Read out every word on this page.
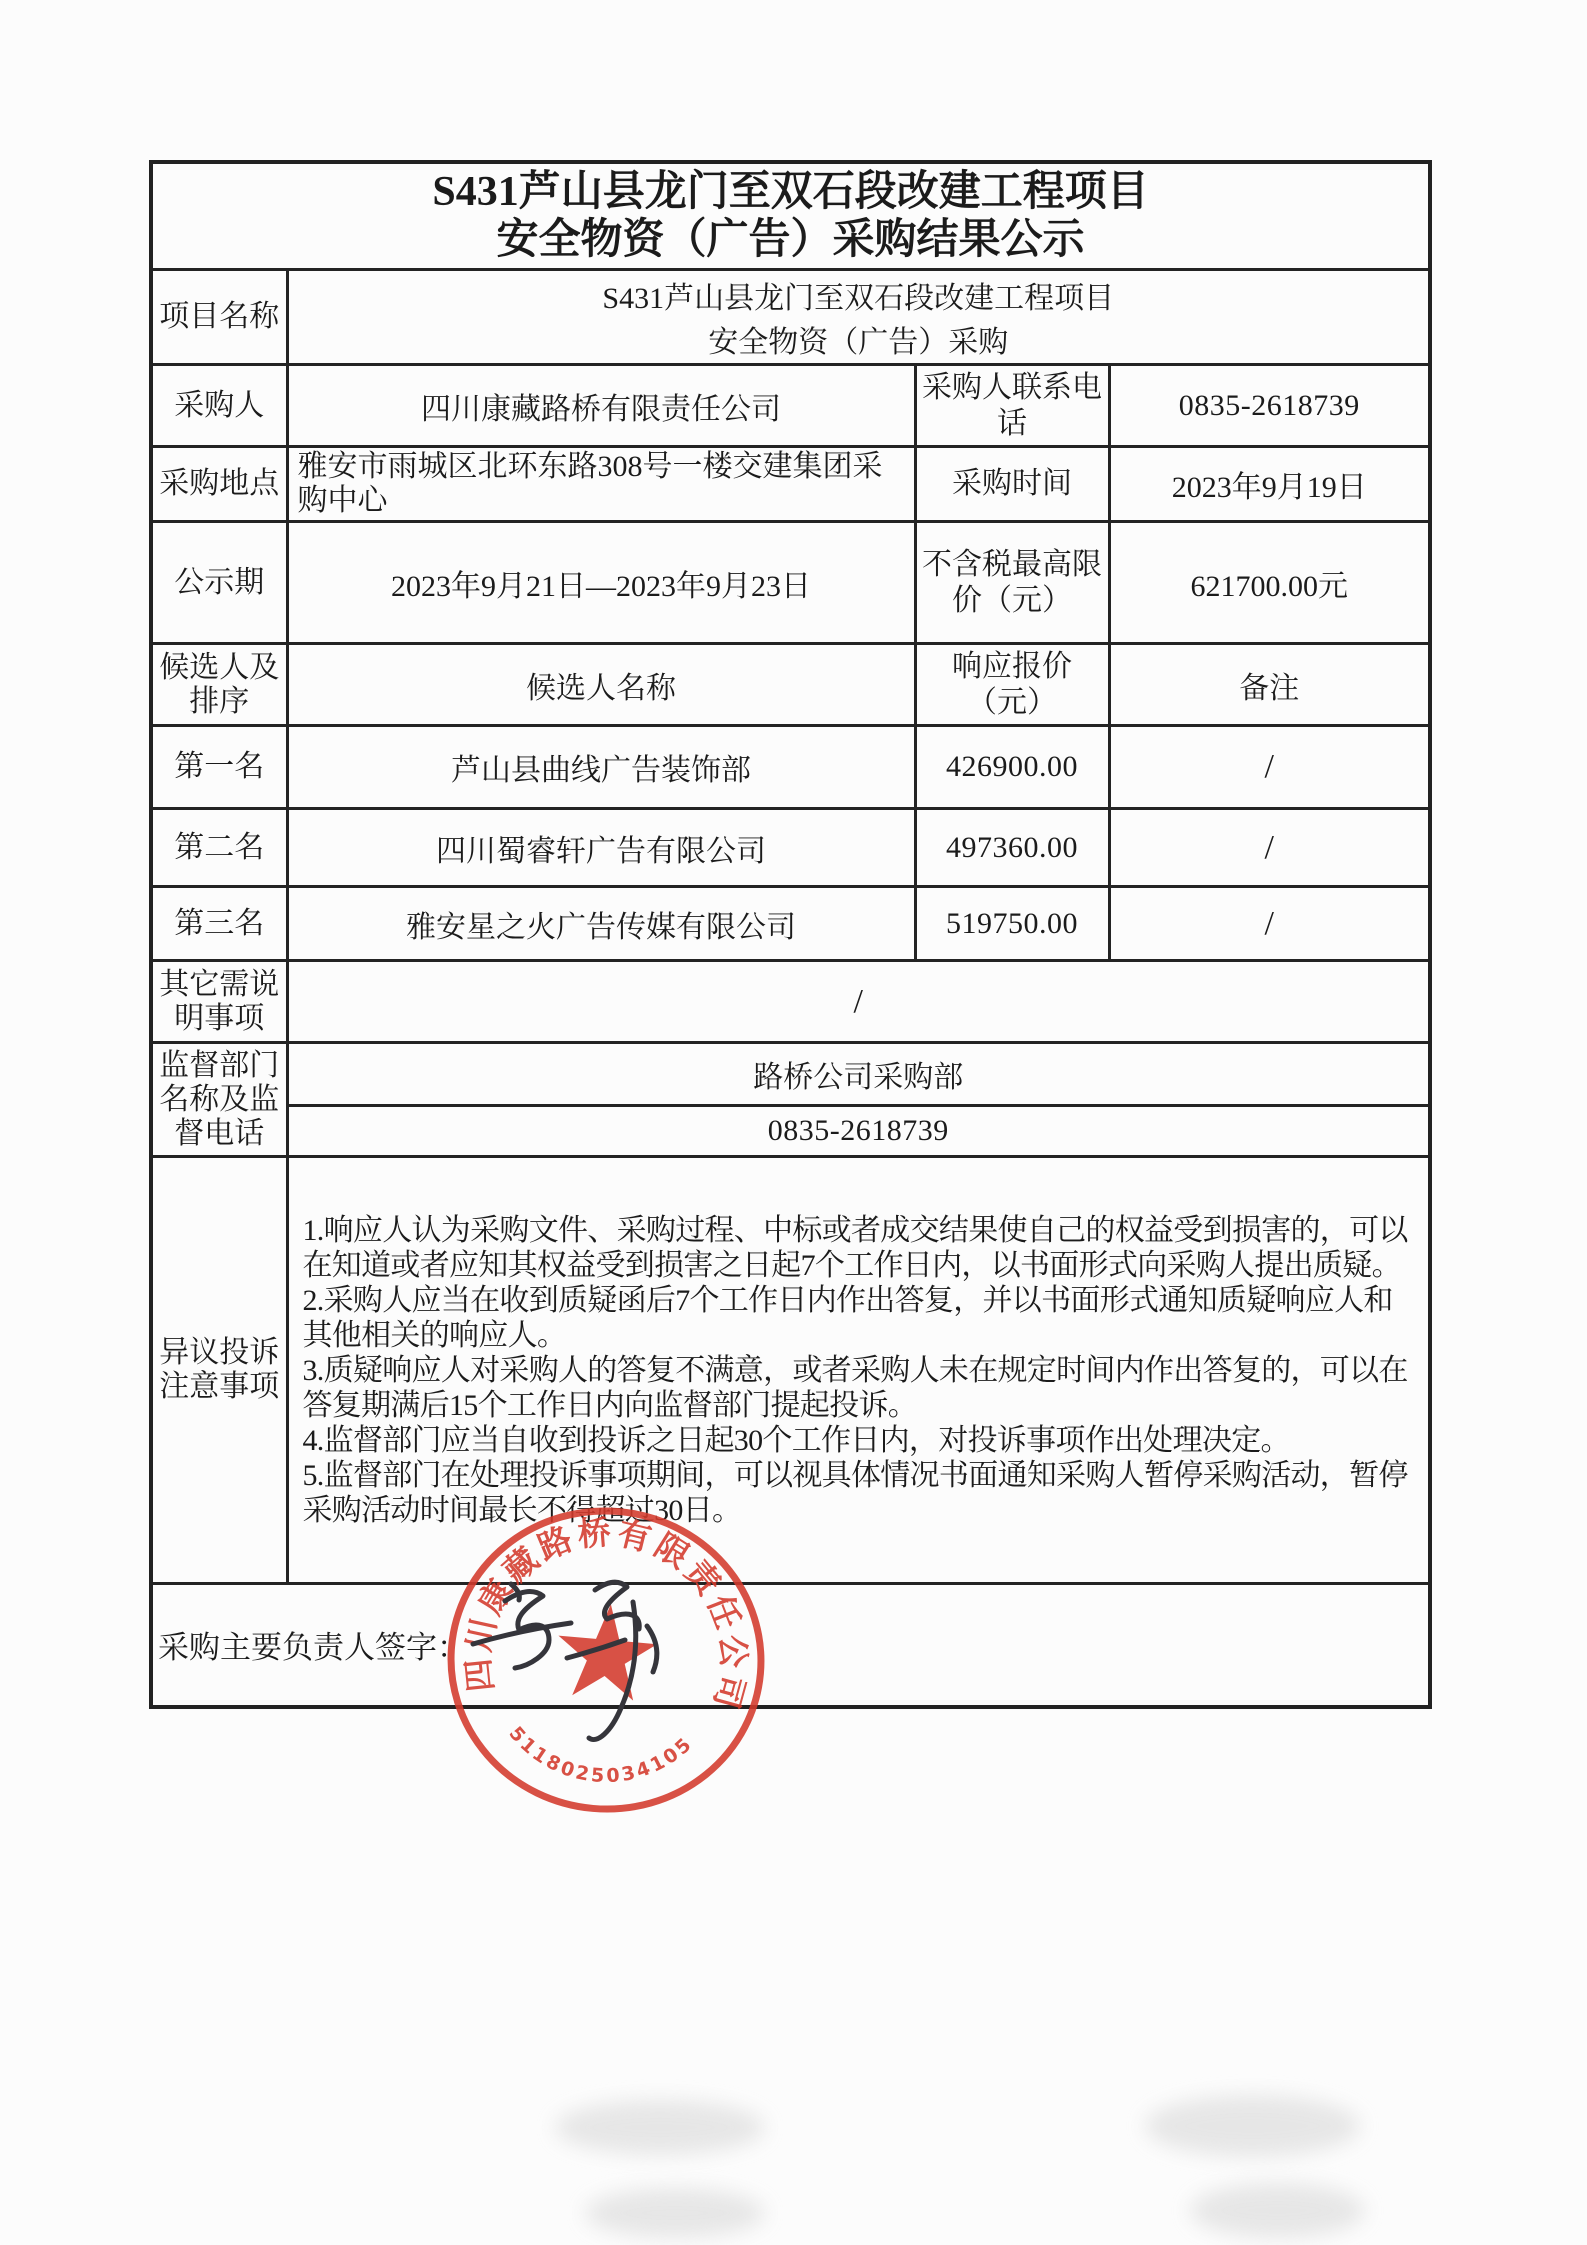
S431芦山县龙门至双石段改建工程项目
安全物资（广告）采购结果公示			

项目名称	S431芦山县龙门至双石段改建工程项目
安全物资（广告）采购		

采购人	四川康藏路桥有限责任公司	采购人联系电话	0835-2618739
采购地点	雅安市雨城区北环东路308号一楼交建集团采购中心	采购时间	2023年9月19日
公示期	2023年9月21日—2023年9月23日	不含税最高限价（元）	621700.00元
候选人及排序	候选人名称	响应报价（元）	备注
第一名	芦山县曲线广告装饰部	426900.00	/
第二名	四川蜀睿轩广告有限公司	497360.00	/
第三名	雅安星之火广告传媒有限公司	519750.00	/
其它需说明事项	/		
监督部门名称及监督电话	路桥公司采购部		
	0835-2618739		
异议投诉注意事项	1.响应人认为采购文件、采购过程、中标或者成交结果使自己的权益受到损害的，可以在知道或者应知其权益受到损害之日起7个工作日内，以书面形式向采购人提出质疑。
2.采购人应当在收到质疑函后7个工作日内作出答复，并以书面形式通知质疑响应人和其他相关的响应人。
3.质疑响应人对采购人的答复不满意，或者采购人未在规定时间内作出答复的，可以在答复期满后15个工作日内向监督部门提起投诉。
4.监督部门应当自收到投诉之日起30个工作日内，对投诉事项作出处理决定。
5.监督部门在处理投诉事项期间，可以视具体情况书面通知采购人暂停采购活动，暂停采购活动时间最长不得超过30日。		

采购主要负责人签字：			
四川康藏路桥有限责任公司
5118025034105
